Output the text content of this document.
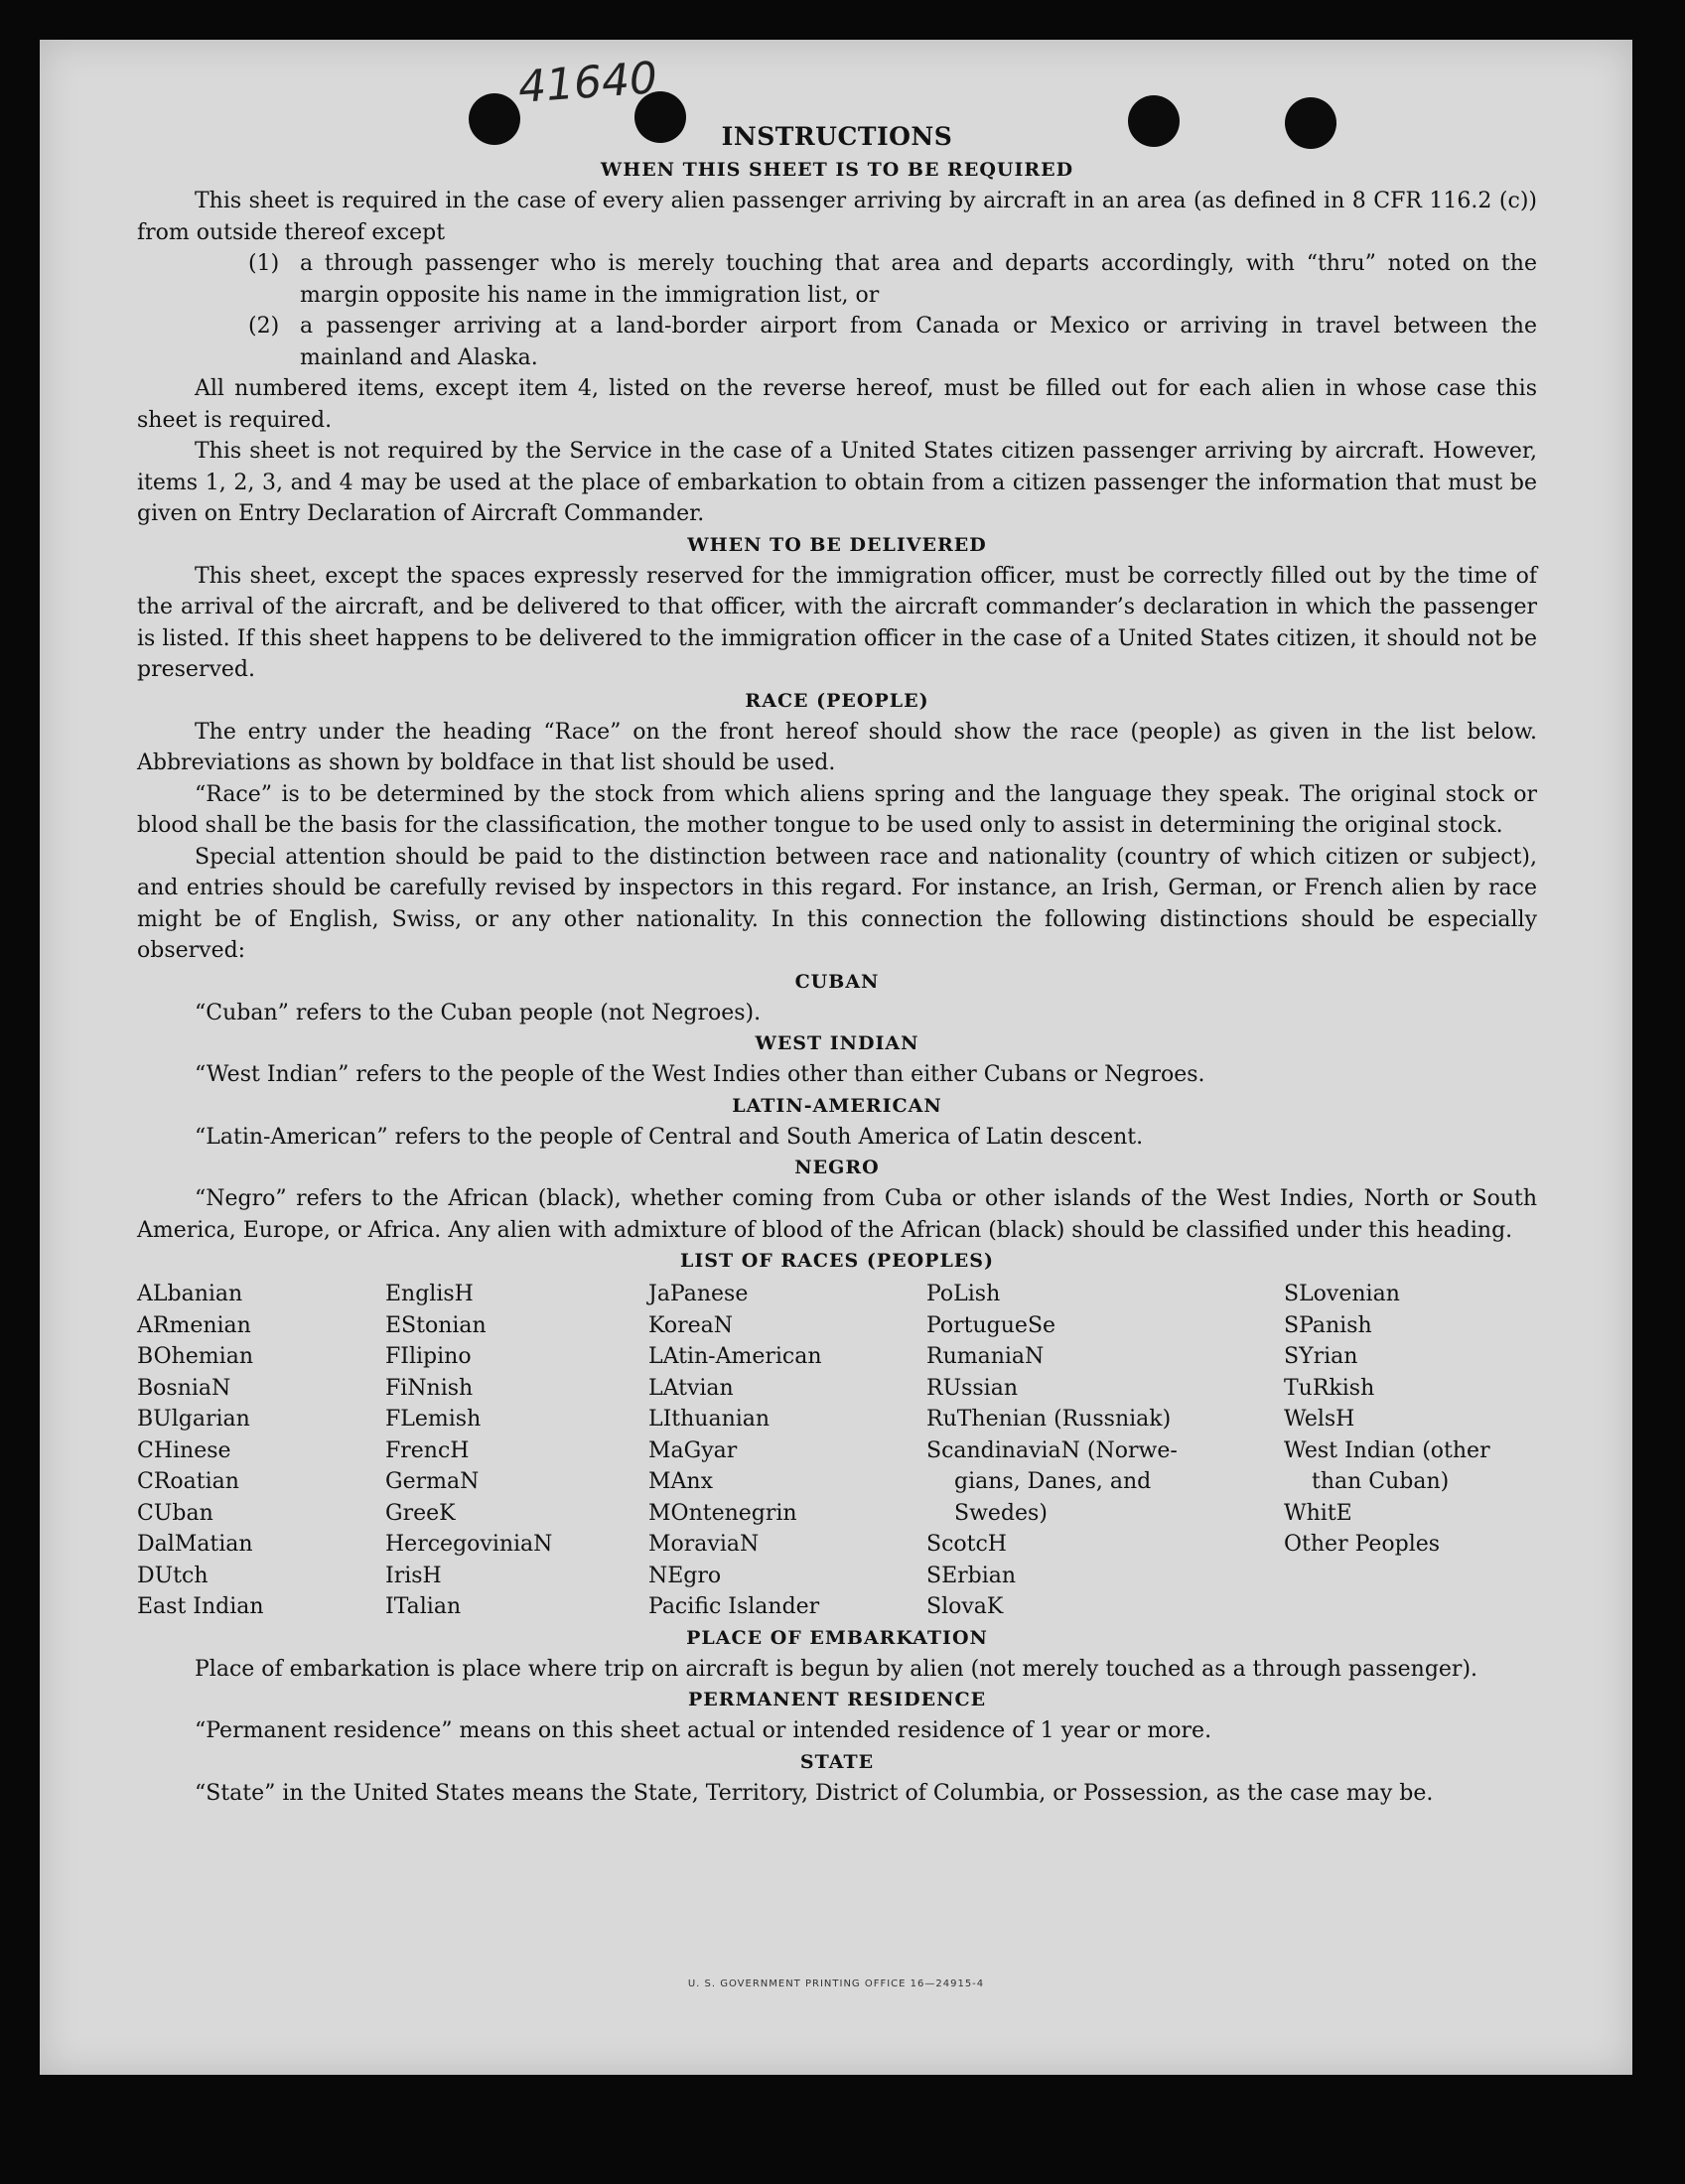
41640
INSTRUCTIONS
WHEN THIS SHEET IS TO BE REQUIRED

This sheet is required in the case of every alien passenger arriving by aircraft in an area (as defined in 8 CFR 116.2 (c)) from outside thereof except

(1) a through passenger who is merely touching that area and departs accordingly, with “thru” noted on the margin opposite his name in the immigration list, or
(2) a passenger arriving at a land-border airport from Canada or Mexico or arriving in travel between the mainland and Alaska.

All numbered items, except item 4, listed on the reverse hereof, must be filled out for each alien in whose case this sheet is required.

This sheet is not required by the Service in the case of a United States citizen passenger arriving by aircraft. However, items 1, 2, 3, and 4 may be used at the place of embarkation to obtain from a citizen passenger the information that must be given on Entry Declaration of Aircraft Commander.

WHEN TO BE DELIVERED

This sheet, except the spaces expressly reserved for the immigration officer, must be correctly filled out by the time of the arrival of the aircraft, and be delivered to that officer, with the aircraft commander’s declaration in which the passenger is listed. If this sheet happens to be delivered to the immigration officer in the case of a United States citizen, it should not be preserved.

RACE (PEOPLE)

The entry under the heading “Race” on the front hereof should show the race (people) as given in the list below. Abbreviations as shown by boldface in that list should be used.

“Race” is to be determined by the stock from which aliens spring and the language they speak. The original stock or blood shall be the basis for the classification, the mother tongue to be used only to assist in determining the original stock.

Special attention should be paid to the distinction between race and nationality (country of which citizen or subject), and entries should be carefully revised by inspectors in this regard. For instance, an Irish, German, or French alien by race might be of English, Swiss, or any other nationality. In this connection the following distinctions should be especially observed:

CUBAN

“Cuban” refers to the Cuban people (not Negroes).

WEST INDIAN

“West Indian” refers to the people of the West Indies other than either Cubans or Negroes.

LATIN-AMERICAN

“Latin-American” refers to the people of Central and South America of Latin descent.

NEGRO

“Negro” refers to the African (black), whether coming from Cuba or other islands of the West Indies, North or South America, Europe, or Africa. Any alien with admixture of blood of the African (black) should be classified under this heading.

LIST OF RACES (PEOPLES)
ALbanian
ARmenian
BOhemian
BosniaN
BUlgarian
CHinese
CRoatian
CUban
DalMatian
DUtch
East Indian
EnglisH
EStonian
FIlipino
FiNnish
FLemish
FrencH
GermaN
GreeK
HercegoviniaN
IrisH
ITalian
JaPanese
KoreaN
LAtin-American
LAtvian
LIthuanian
MaGyar
MAnx
MOntenegrin
MoraviaN
NEgro
Pacific Islander
PoLish
PortugueSe
RumaniaN
RUssian
RuThenian (Russniak)
ScandinaviaN (Norwe-
gians, Danes, and
Swedes)
ScotcH
SErbian
SlovaK
SLovenian
SPanish
SYrian
TuRkish
WelsH
West Indian (other
than Cuban)
WhitE
Other Peoples
PLACE OF EMBARKATION

Place of embarkation is place where trip on aircraft is begun by alien (not merely touched as a through passenger).

PERMANENT RESIDENCE

“Permanent residence” means on this sheet actual or intended residence of 1 year or more.

STATE

“State” in the United States means the State, Territory, District of Columbia, or Possession, as the case may be.

U. S. GOVERNMENT PRINTING OFFICE 16—24915-4
